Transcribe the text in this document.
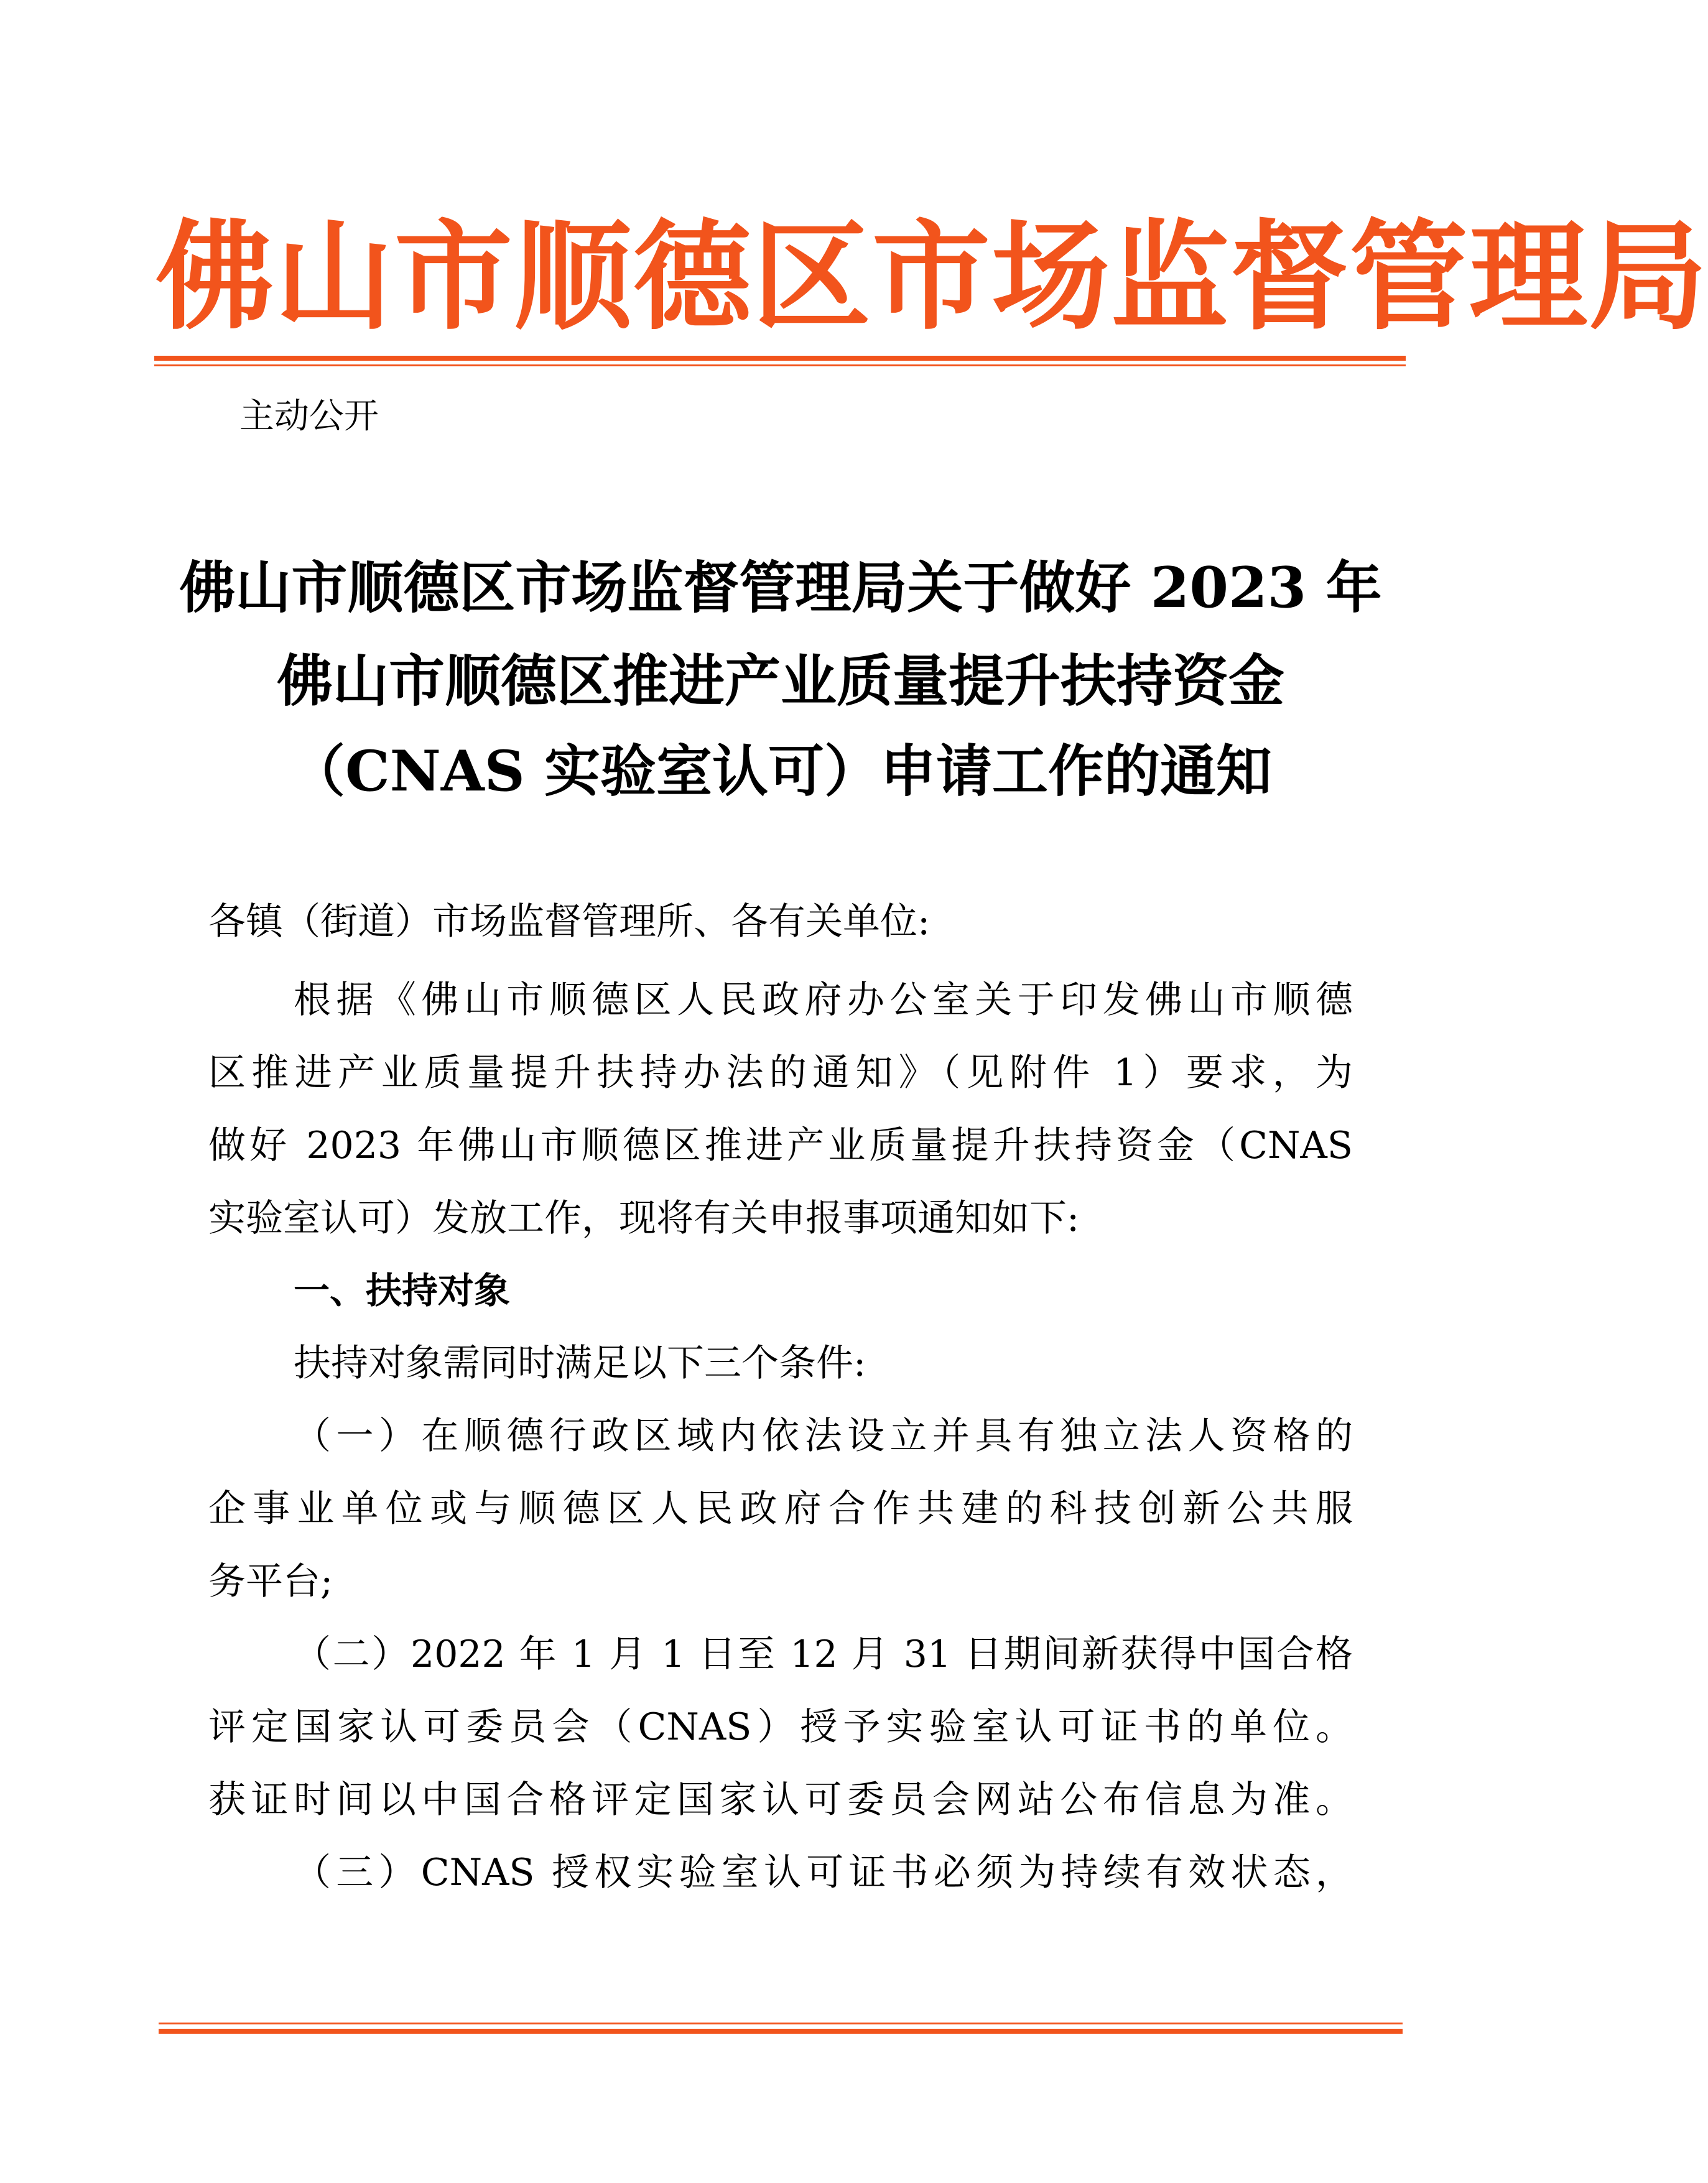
佛山市顺德区市场监督管理局
主动公开
佛山市顺德区市场监督管理局关于做好 2023 年
佛山市顺德区推进产业质量提升扶持资金
（CNAS 实验室认可）申请工作的通知
各镇（街道）市场监督管理所、各有关单位:
根据《佛山市顺德区人民政府办公室关于印发佛山市顺德
区推进产业质量提升扶持办法的通知》（见附件 1）要求，为
做好 2023 年佛山市顺德区推进产业质量提升扶持资金（CNAS
实验室认可）发放工作，现将有关申报事项通知如下:
一、扶持对象
扶持对象需同时满足以下三个条件:
（一）在顺德行政区域内依法设立并具有独立法人资格的
企事业单位或与顺德区人民政府合作共建的科技创新公共服
务平台;
（二）2022 年 1 月 1 日至 12 月 31 日期间新获得中国合格
评定国家认可委员会（CNAS）授予实验室认可证书的单位。
获证时间以中国合格评定国家认可委员会网站公布信息为准。
（三）CNAS 授权实验室认可证书必须为持续有效状态，
